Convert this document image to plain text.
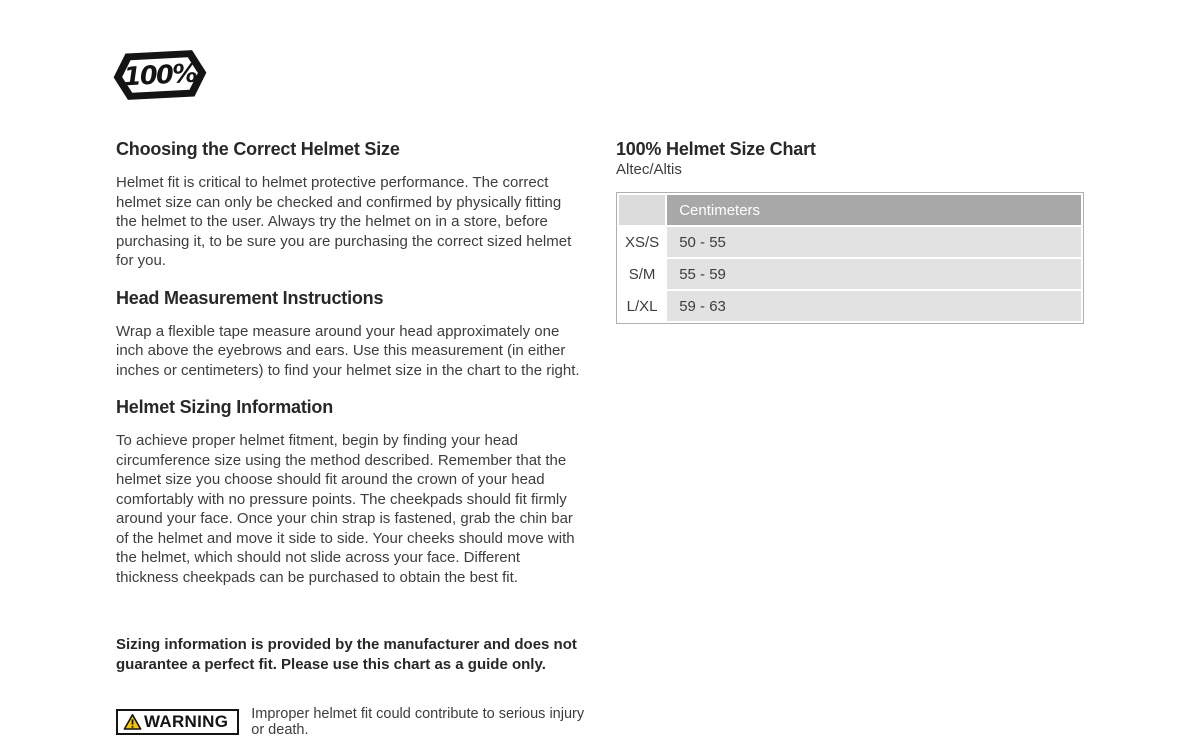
100%
Choosing the Correct Helmet Size

Helmet fit is critical to helmet protective performance. The correct helmet size can only be checked and confirmed by physically fitting the helmet to the user. Always try the helmet on in a store, before purchasing it, to be sure you are purchasing the correct sized helmet for you.

Head Measurement Instructions

Wrap a flexible tape measure around your head approximately one inch above the eyebrows and ears. Use this measurement (in either inches or centimeters) to find your helmet size in the chart to the right.

Helmet Sizing Information

To achieve proper helmet fitment, begin by finding your head circumference size using the method described. Remember that the helmet size you choose should fit around the crown of your head comfortably with no pressure points. The cheekpads should fit firmly around your face. Once your chin strap is fastened, grab the chin bar of the helmet and move it side to side. Your cheeks should move with the helmet, which should not slide across your face. Different thickness cheekpads can be purchased to obtain the best fit.

Sizing information is provided by the manufacturer and does not guarantee a perfect fit. Please use this chart as a guide only.

WARNING Improper helmet fit could contribute to serious injury or death.
100% Helmet Size Chart
Altec/Altis
	Centimeters
XS/S	50 - 55
S/M	55 - 59
L/XL	59 - 63
